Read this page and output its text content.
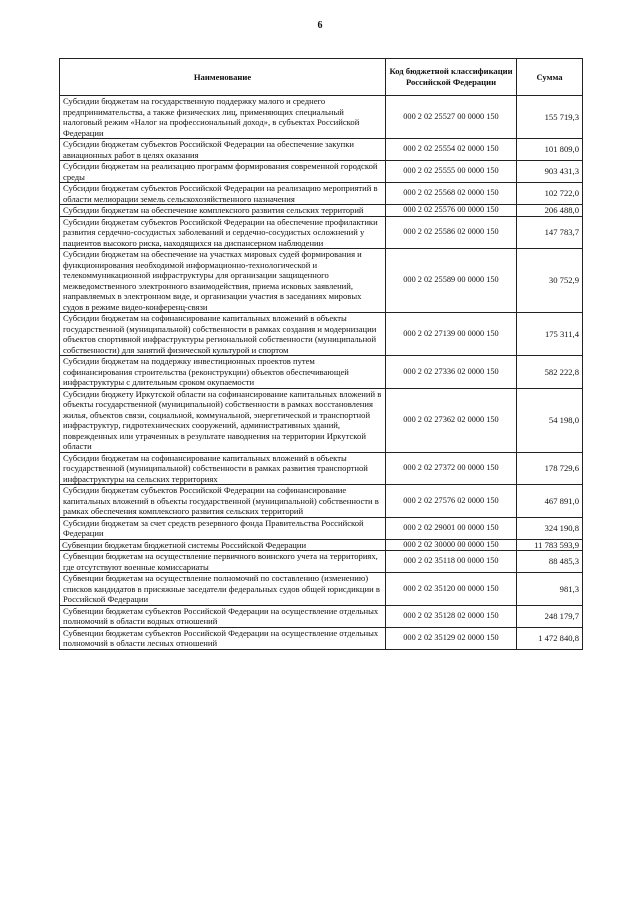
6
Наименование	Код бюджетной классификации Российской Федерации	Сумма
Субсидии бюджетам на государственную поддержку малого и среднего предпринимательства, а также физических лиц, применяющих специальный налоговый режим «Налог на профессиональный доход», в субъектах Российской Федерации	000 2 02 25527 00 0000 150	155 719,3
Субсидии бюджетам субъектов Российской Федерации на обеспечение закупки авиационных работ в целях оказания	000 2 02 25554 02 0000 150	101 809,0
Субсидии бюджетам на реализацию программ формирования современной городской среды	000 2 02 25555 00 0000 150	903 431,3
Субсидии бюджетам субъектов Российской Федерации на реализацию мероприятий в области мелиорации земель сельскохозяйственного назначения	000 2 02 25568 02 0000 150	102 722,0
Субсидии бюджетам на обеспечение комплексного развития сельских территорий	000 2 02 25576 00 0000 150	206 488,0
Субсидии бюджетам субъектов Российской Федерации на обеспечение профилактики развития сердечно-сосудистых заболеваний и сердечно-сосудистых осложнений у пациентов высокого риска, находящихся на диспансерном наблюдении	000 2 02 25586 02 0000 150	147 783,7
Субсидии бюджетам на обеспечение на участках мировых судей формирования и функционирования необходимой информационно-технологической и телекоммуникационной инфраструктуры для организации защищенного межведомственного электронного взаимодействия, приема исковых заявлений, направляемых в электронном виде, и организации участия в заседаниях мировых судов в режиме видео-конференц-связи	000 2 02 25589 00 0000 150	30 752,9
Субсидии бюджетам на софинансирование капитальных вложений в объекты государственной (муниципальной) собственности в рамках создания и модернизации объектов спортивной инфраструктуры региональной собственности (муниципальной собственности) для занятий физической культурой и спортом	000 2 02 27139 00 0000 150	175 311,4
Субсидии бюджетам на поддержку инвестиционных проектов путем софинансирования строительства (реконструкции) объектов обеспечивающей инфраструктуры с длительным сроком окупаемости	000 2 02 27336 02 0000 150	582 222,8
Субсидии бюджету Иркутской области на софинансирование капитальных вложений в объекты государственной (муниципальной) собственности в рамках восстановления жилья, объектов связи, социальной, коммунальной, энергетической и транспортной инфраструктур, гидротехнических сооружений, административных зданий, поврежденных или утраченных в результате наводнения на территории Иркутской области	000 2 02 27362 02 0000 150	54 198,0
Субсидии бюджетам на софинансирование капитальных вложений в объекты государственной (муниципальной) собственности в рамках развития транспортной инфраструктуры на сельских территориях	000 2 02 27372 00 0000 150	178 729,6
Субсидии бюджетам субъектов Российской Федерации на софинансирование капитальных вложений в объекты государственной (муниципальной) собственности в рамках обеспечения комплексного развития сельских территорий	000 2 02 27576 02 0000 150	467 891,0
Субсидии бюджетам за счет средств резервного фонда Правительства Российской Федерации	000 2 02 29001 00 0000 150	324 190,8
Субвенции бюджетам бюджетной системы Российской Федерации	000 2 02 30000 00 0000 150	11 783 593,9
Субвенции бюджетам на осуществление первичного воинского учета на территориях, где отсутствуют военные комиссариаты	000 2 02 35118 00 0000 150	88 485,3
Субвенции бюджетам на осуществление полномочий по составлению (изменению) списков кандидатов в присяжные заседатели федеральных судов общей юрисдикции в Российской Федерации	000 2 02 35120 00 0000 150	981,3
Субвенции бюджетам субъектов Российской Федерации на осуществление отдельных полномочий в области водных отношений	000 2 02 35128 02 0000 150	248 179,7
Субвенции бюджетам субъектов Российской Федерации на осуществление отдельных полномочий в области лесных отношений	000 2 02 35129 02 0000 150	1 472 840,8
